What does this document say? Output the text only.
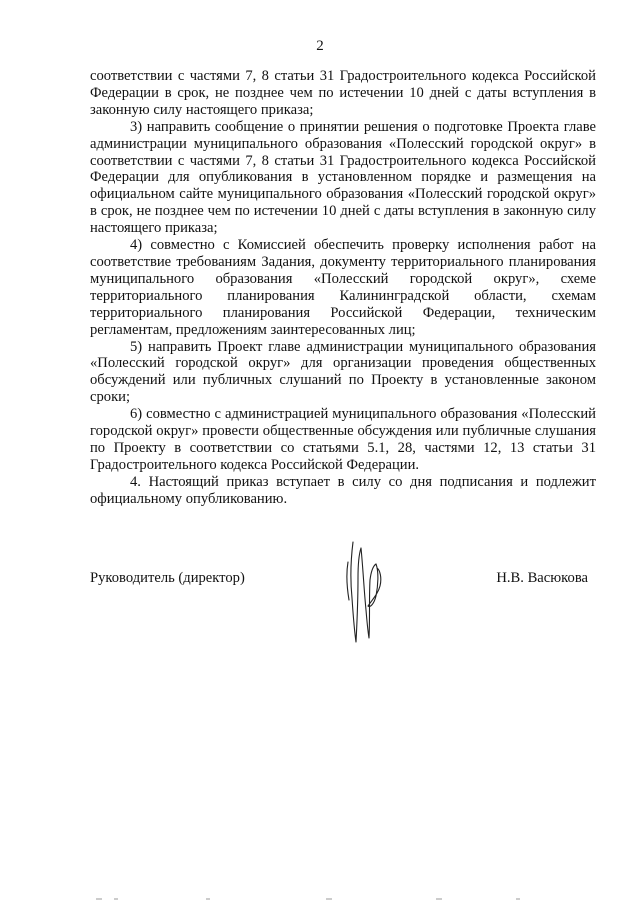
2

соответствии с частями 7, 8 статьи 31 Градостроительного кодекса Российской Федерации в срок, не позднее чем по истечении 10 дней с даты вступления в законную силу настоящего приказа;

3) направить сообщение о принятии решения о подготовке Проекта главе администрации муниципального образования «Полесский городской округ» в соответствии с частями 7, 8 статьи 31 Градостроительного кодекса Российской Федерации для опубликования в установленном порядке и размещения на официальном сайте муниципального образования «Полесский городской округ» в срок, не позднее чем по истечении 10 дней с даты вступления в законную силу настоящего приказа;

4) совместно с Комиссией обеспечить проверку исполнения работ на соответствие требованиям Задания, документу территориального планирования муниципального образования «Полесский городской округ», схеме территориального планирования Калининградской области, схемам территориального планирования Российской Федерации, техническим регламентам, предложениям заинтересованных лиц;

5) направить Проект главе администрации муниципального образования «Полесский городской округ» для организации проведения общественных обсуждений или публичных слушаний по Проекту в установленные законом сроки;

6) совместно с администрацией муниципального образования «Полесский городской округ» провести общественные обсуждения или публичные слушания по Проекту в соответствии со статьями 5.1, 28, частями 12, 13 статьи 31 Градостроительного кодекса Российской Федерации.

4. Настоящий приказ вступает в силу со дня подписания и подлежит официальному опубликованию.

Руководитель (директор)	Н.В. Васюкова
